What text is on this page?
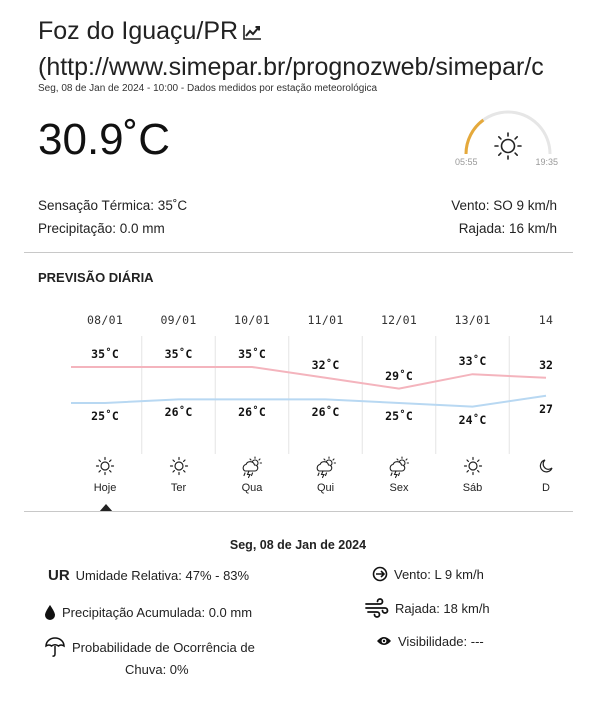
Foz do Iguaçu/PR
(http://www.simepar.br/prognozweb/simepar/c
Seg, 08 de Jan de 2024 - 10:00 - Dados medidos por estação meteorológica
30.9˚C	05:55	19:35
Sensação Térmica: 35˚C
Precipitação: 0.0 mm
Vento: SO 9 km/h
Rajada: 16 km/h
PREVISÃO DIÁRIA
08/01
35˚C
25˚C
Hoje
09/01
35˚C
26˚C
Ter
10/01
35˚C
26˚C
Qua
11/01
32˚C
26˚C
Qui
12/01
29˚C
25˚C
Sex
13/01
33˚C
24˚C
Sáb
14
32
27
D
Seg, 08 de Jan de 2024
UR Umidade Relativa: 47% - 83%
Precipitação Acumulada: 0.0 mm
Probabilidade de Ocorrência de
Chuva: 0%
Vento: L 9 km/h
Rajada: 18 km/h
Visibilidade: ---
